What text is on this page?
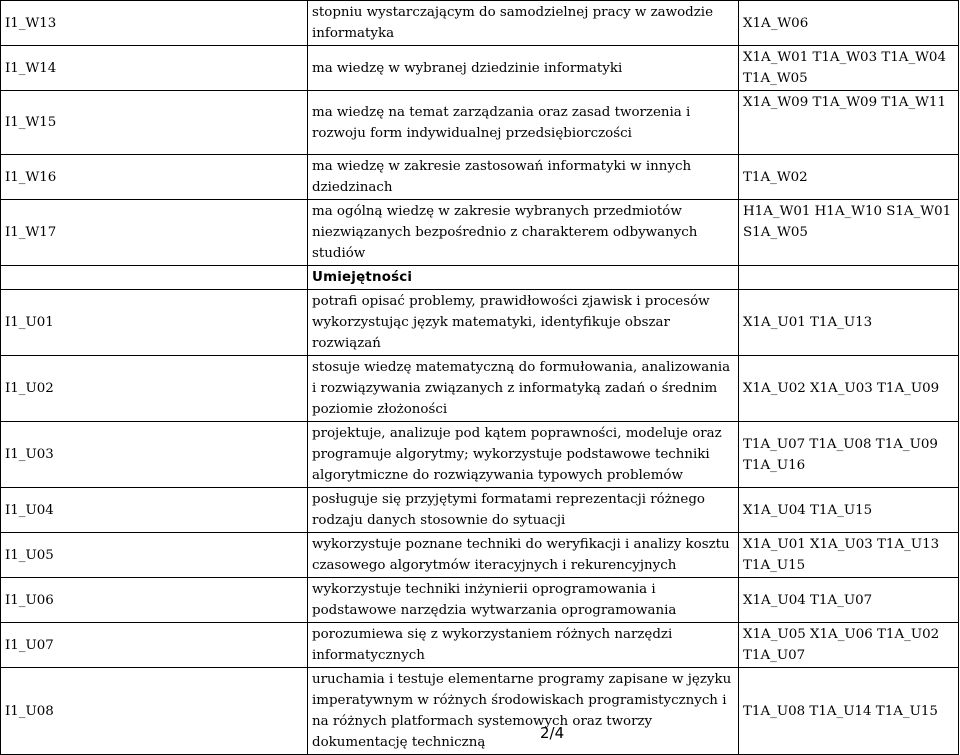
I1_W13	stopniu wystarczającym do samodzielnej pracy w zawodzie informatyka	X1A_W06
I1_W14	ma wiedzę w wybranej dziedzinie informatyki	X1A_W01 T1A_W03 T1A_W04 T1A_W05
I1_W15	ma wiedzę na temat zarządzania oraz zasad tworzenia i rozwoju form indywidualnej przedsiębiorczości	X1A_W09 T1A_W09 T1A_W11
I1_W16	ma wiedzę w zakresie zastosowań informatyki w innych dziedzinach	T1A_W02
I1_W17	ma ogólną wiedzę w zakresie wybranych przedmiotów niezwiązanych bezpośrednio z charakterem odbywanych studiów	H1A_W01 H1A_W10 S1A_W01 S1A_W05
	Umiejętności	
I1_U01	potrafi opisać problemy, prawidłowości zjawisk i procesów wykorzystując język matematyki, identyfikuje obszar rozwiązań	X1A_U01 T1A_U13
I1_U02	stosuje wiedzę matematyczną do formułowania, analizowania i rozwiązywania związanych z informatyką zadań o średnim poziomie złożoności	X1A_U02 X1A_U03 T1A_U09
I1_U03	projektuje, analizuje pod kątem poprawności, modeluje oraz programuje algorytmy; wykorzystuje podstawowe techniki algorytmiczne do rozwiązywania typowych problemów	T1A_U07 T1A_U08 T1A_U09 T1A_U16
I1_U04	posługuje się przyjętymi formatami reprezentacji różnego rodzaju danych stosownie do sytuacji	X1A_U04 T1A_U15
I1_U05	wykorzystuje poznane techniki do weryfikacji i analizy kosztu czasowego algorytmów iteracyjnych i rekurencyjnych	X1A_U01 X1A_U03 T1A_U13 T1A_U15
I1_U06	wykorzystuje techniki inżynierii oprogramowania i podstawowe narzędzia wytwarzania oprogramowania	X1A_U04 T1A_U07
I1_U07	porozumiewa się z wykorzystaniem różnych narzędzi informatycznych	X1A_U05 X1A_U06 T1A_U02 T1A_U07
I1_U08	uruchamia i testuje elementarne programy zapisane w języku imperatywnym w różnych środowiskach programistycznych i na różnych platformach systemowych oraz tworzy dokumentację techniczną	T1A_U08 T1A_U14 T1A_U15
2/4
